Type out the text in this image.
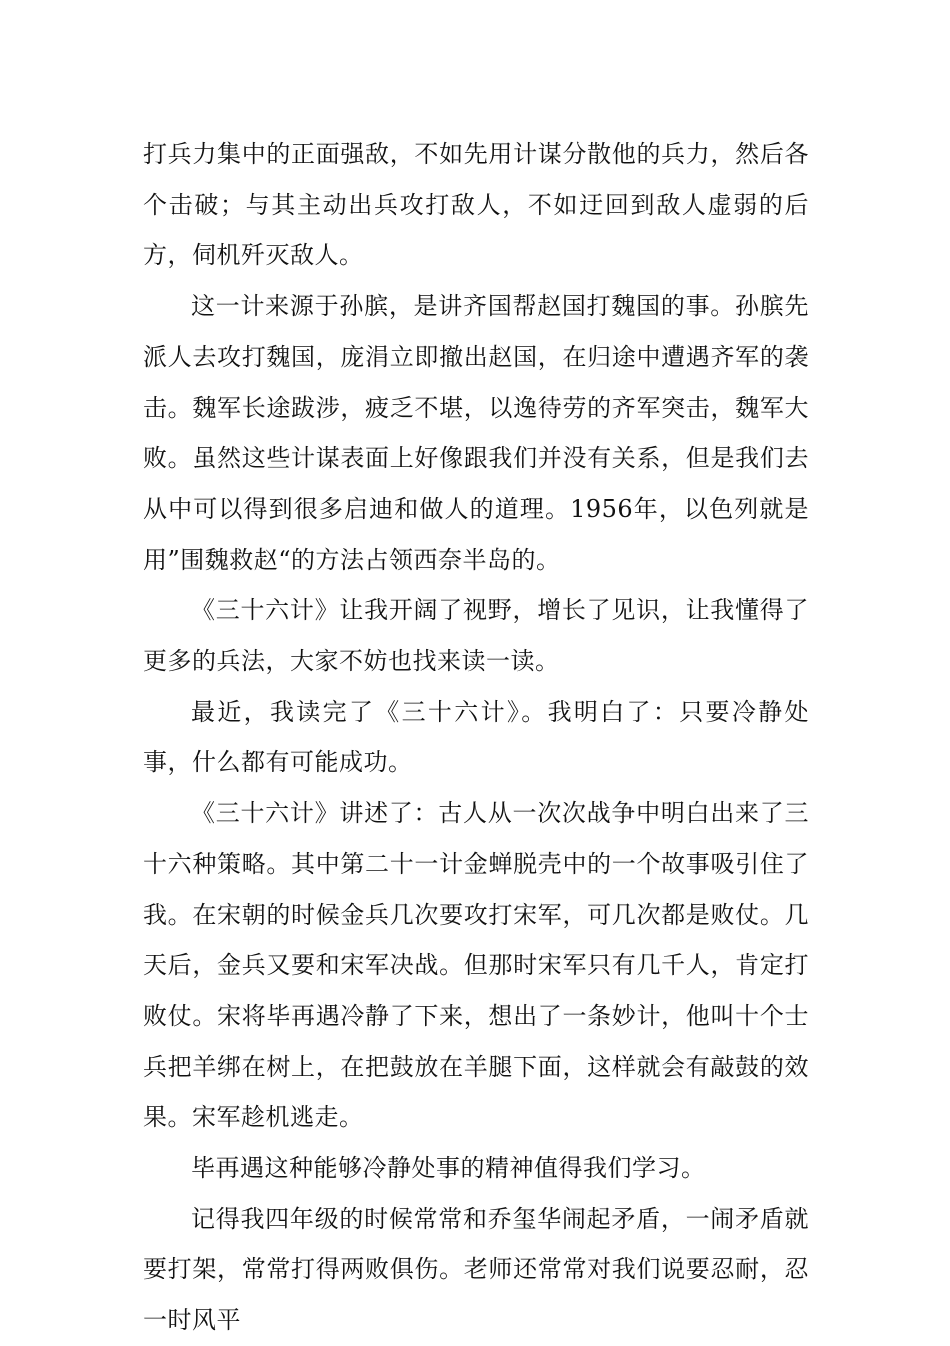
打兵力集中的正面强敌，不如先用计谋分散他的兵力，然后各个击破；与其主动出兵攻打敌人，不如迂回到敌人虚弱的后方，伺机歼灭敌人。

这一计来源于孙膑，是讲齐国帮赵国打魏国的事。孙膑先派人去攻打魏国，庞涓立即撤出赵国，在归途中遭遇齐军的袭击。魏军长途跋涉，疲乏不堪，以逸待劳的齐军突击，魏军大败。虽然这些计谋表面上好像跟我们并没有关系，但是我们去从中可以得到很多启迪和做人的道理。1956年，以色列就是用”围魏救赵“的方法占领西奈半岛的。

《三十六计》让我开阔了视野，增长了见识，让我懂得了更多的兵法，大家不妨也找来读一读。

最近，我读完了《三十六计》。我明白了：只要冷静处事，什么都有可能成功。

《三十六计》讲述了：古人从一次次战争中明白出来了三十六种策略。其中第二十一计金蝉脱壳中的一个故事吸引住了我。在宋朝的时候金兵几次要攻打宋军，可几次都是败仗。几天后，金兵又要和宋军决战。但那时宋军只有几千人，肯定打败仗。宋将毕再遇冷静了下来，想出了一条妙计，他叫十个士兵把羊绑在树上，在把鼓放在羊腿下面，这样就会有敲鼓的效果。宋军趁机逃走。

毕再遇这种能够冷静处事的精神值得我们学习。

记得我四年级的时候常常和乔玺华闹起矛盾，一闹矛盾就要打架，常常打得两败俱伤。老师还常常对我们说要忍耐，忍一时风平
